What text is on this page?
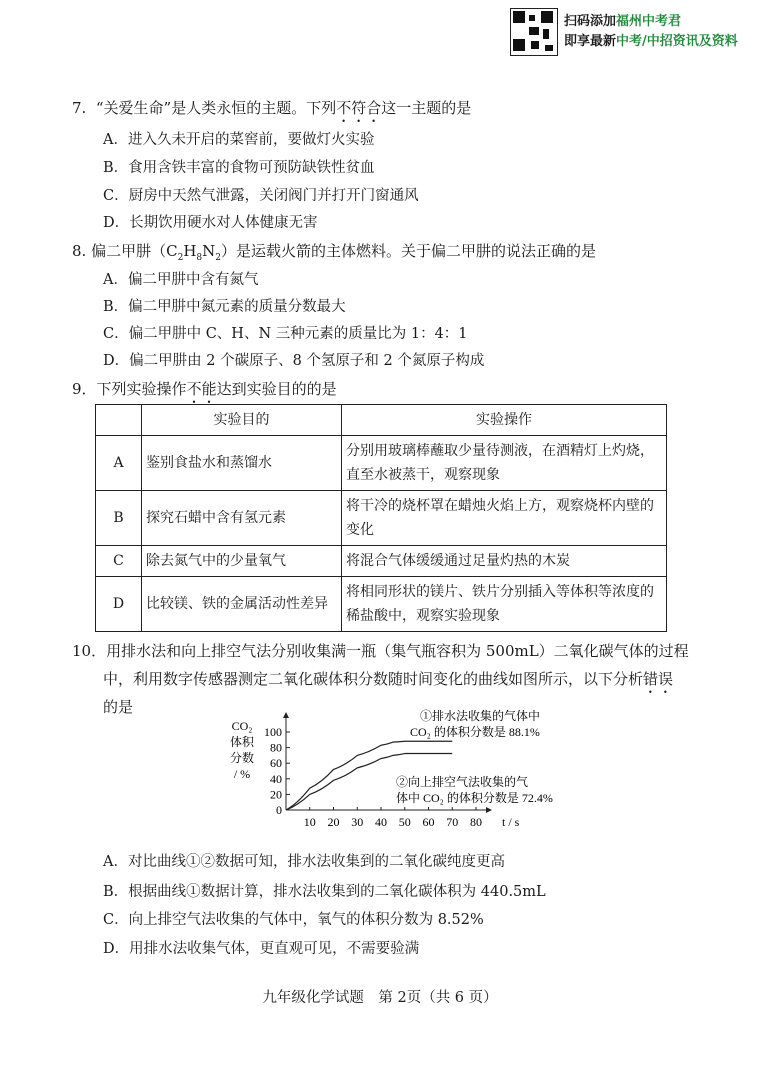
扫码添加福州中考君
即享最新中考/中招资讯及资料
7. “关爱生命”是人类永恒的主题。下列不符合这一主题的是
A．进入久未开启的菜窖前，要做灯火实验
B．食用含铁丰富的食物可预防缺铁性贫血
C．厨房中天然气泄露，关闭阀门并打开门窗通风
D．长期饮用硬水对人体健康无害
8. 偏二甲肼$(C_2H_8N_2)$是运载火箭的主体燃料。关于偏二甲肼的说法正确的是
A．偏二甲肼中含有氮气
B．偏二甲肼中氮元素的质量分数最大
C．偏二甲肼中 C、H、N 三种元素的质量比为 1：4：1
D．偏二甲肼由 2 个碳原子、8 个氢原子和 2 个氮原子构成
9．下列实验操作不能达到实验目的的是
	实验目的	实验操作
A	鉴别食盐水和蒸馏水	分别用玻璃棒蘸取少量待测液，在酒精灯上灼烧，直至水被蒸干，观察现象
B	探究石蜡中含有氢元素	将干冷的烧杯罩在蜡烛火焰上方，观察烧杯内壁的变化
C	除去氮气中的少量氧气	将混合气体缓缓通过足量灼热的木炭
D	比较镁、铁的金属活动性差异	将相同形状的镁片、铁片分别插入等体积等浓度的稀盐酸中，观察实验现象
10．用排水法和向上排空气法分别收集满一瓶（集气瓶容积为 500mL）二氧化碳气体的过程
中，利用数字传感器测定二氧化碳体积分数随时间变化的曲线如图所示，以下分析错误
的是
0
20
40
60
80
100
10 20 30 40 50 60 70 80
CO₂
体积
分数
/ %
t / s
①排水法收集的气体中
CO₂ 的体积分数是 88.1%
②向上排空气法收集的气
体中 CO₂ 的体积分数是 72.4%
A．对比曲线①②数据可知，排水法收集到的二氧化碳纯度更高
B．根据曲线①数据计算，排水法收集到的二氧化碳体积为 440.5mL
C．向上排空气法收集的气体中，氧气的体积分数为 8.52%
D．用排水法收集气体，更直观可见，不需要验满
九年级化学试题　第 2页（共 6 页）
